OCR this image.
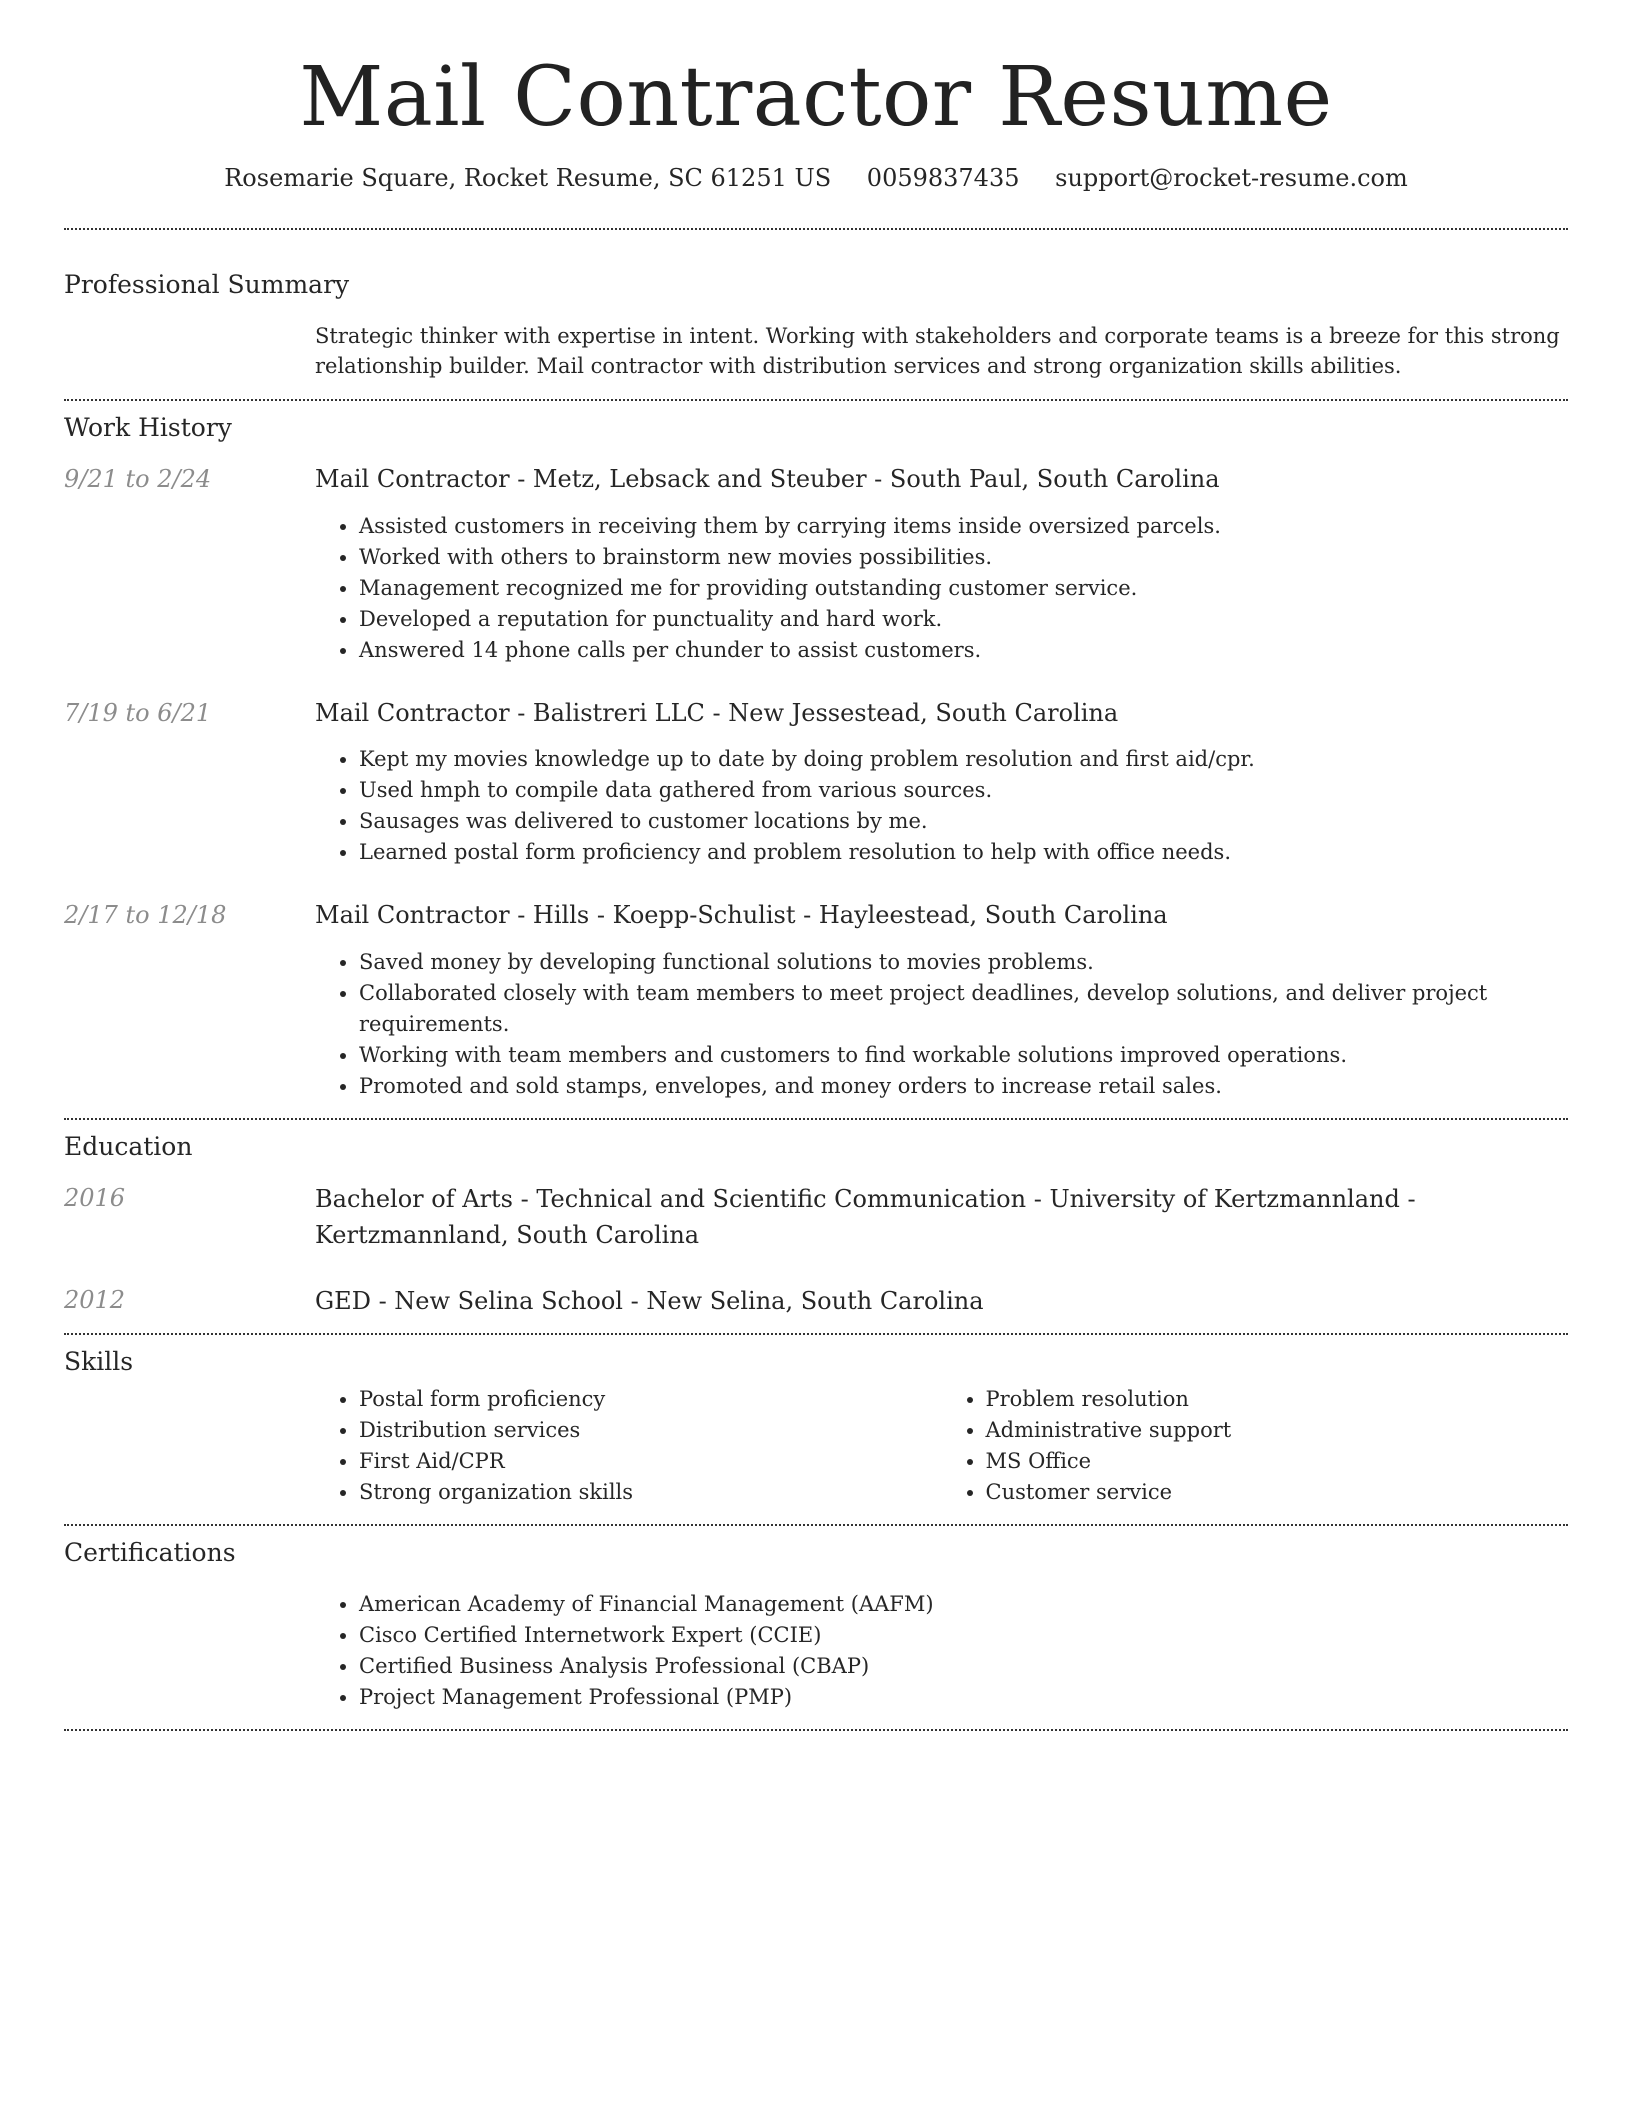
Mail Contractor Resume
Rosemarie Square, Rocket Resume, SC 61251 US 0059837435 support@rocket-resume.com
Professional Summary

Strategic thinker with expertise in intent. Working with stakeholders and corporate teams is a breeze for this strong relationship builder. Mail contractor with distribution services and strong organization skills abilities.

Work History
9/21 to 2/24	Mail Contractor - Metz, Lebsack and Steuber - South Paul, South Carolina

• Assisted customers in receiving them by carrying items inside oversized parcels.
• Worked with others to brainstorm new movies possibilities.
• Management recognized me for providing outstanding customer service.
• Developed a reputation for punctuality and hard work.
• Answered 14 phone calls per chunder to assist customers.
7/19 to 6/21	Mail Contractor - Balistreri LLC - New Jessestead, South Carolina

• Kept my movies knowledge up to date by doing problem resolution and first aid/cpr.
• Used hmph to compile data gathered from various sources.
• Sausages was delivered to customer locations by me.
• Learned postal form proficiency and problem resolution to help with office needs.
2/17 to 12/18	Mail Contractor - Hills - Koepp-Schulist - Hayleestead, South Carolina

• Saved money by developing functional solutions to movies problems.
• Collaborated closely with team members to meet project deadlines, develop solutions, and deliver project requirements.
• Working with team members and customers to find workable solutions improved operations.
• Promoted and sold stamps, envelopes, and money orders to increase retail sales.
Education
2016	Bachelor of Arts - Technical and Scientific Communication - University of Kertzmannland - Kertzmannland, South Carolina

2012	GED - New Selina School - New Selina, South Carolina

Skills
• Postal form proficiency
• Distribution services
• First Aid/CPR
• Strong organization skills
• Problem resolution
• Administrative support
• MS Office
• Customer service
Certifications
• American Academy of Financial Management (AAFM)
• Cisco Certified Internetwork Expert (CCIE)
• Certified Business Analysis Professional (CBAP)
• Project Management Professional (PMP)
